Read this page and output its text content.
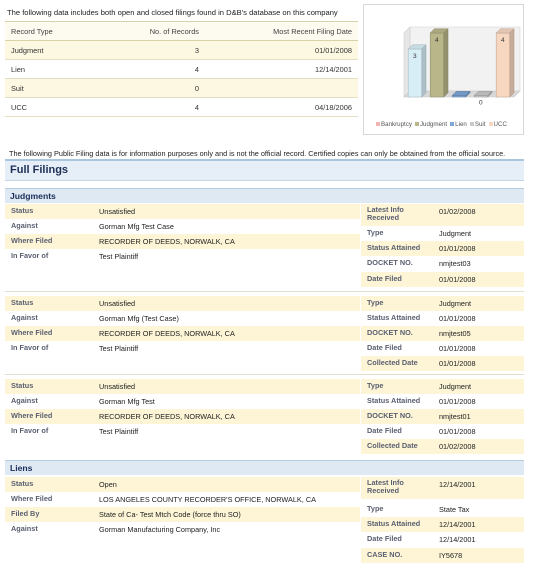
The following data includes both open and closed filings found in D&B's database on this company
Record Type	No. of Records	Most Recent Filing Date
Judgment	3	01/01/2008
Lien	4	12/14/2001
Suit	0	
UCC	4	04/18/2006
3
4
0
4
Bankruptcy Judgment Lien Suit UCC
The following Public Filing data is for information purposes only and is not the official record. Certified copies can only be obtained from the official source.
Full Filings
Judgments
Status	Unsatisfied
Against	Gorman Mfg Test Case
Where Filed	RECORDER OF DEEDS, NORWALK, CA
In Favor of	Test Plaintiff
Latest Info Received
01/02/2008
Type	Judgment
Status Attained	01/01/2008
DOCKET NO.	nmjtest03
Date Filed	01/01/2008
Status	Unsatisfied
Against	Gorman Mfg (Test Case)
Where Filed	RECORDER OF DEEDS, NORWALK, CA
In Favor of	Test Plaintiff
Type	Judgment
Status Attained	01/01/2008
DOCKET NO.	nmjtest05
Date Filed	01/01/2008
Collected Date	01/01/2008
Status	Unsatisfied
Against	Gorman Mfg Test
Where Filed	RECORDER OF DEEDS, NORWALK, CA
In Favor of	Test Plaintiff
Type	Judgment
Status Attained	01/01/2008
DOCKET NO.	nmjtest01
Date Filed	01/01/2008
Collected Date	01/02/2008
Liens
Status	Open
Where Filed	LOS ANGELES COUNTY RECORDER'S OFFICE, NORWALK, CA
Filed By	State of Ca- Test Mtch Code (force thru SO)
Against	Gorman Manufacturing Company, Inc
Latest Info Received
12/14/2001
Type	State Tax
Status Attained	12/14/2001
Date Filed	12/14/2001
CASE NO.	IY5678
